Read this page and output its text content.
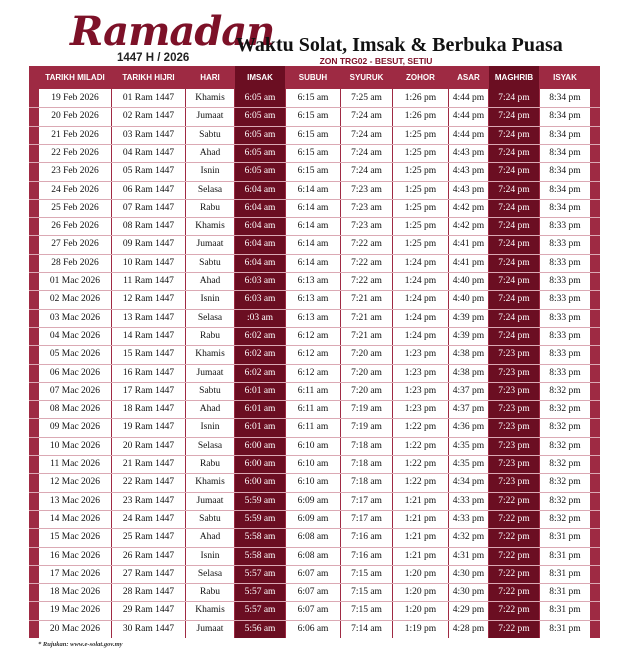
Ramadan
1447 H / 2026
Waktu Solat, Imsak & Berbuka Puasa
ZON TRG02 - BESUT, SETIU
TARIKH MILADI	TARIKH HIJRI	HARI	IMSAK	SUBUH	SYURUK	ZOHOR	ASAR	MAGHRIB	ISYAK
19 Feb 2026	01 Ram 1447	Khamis	6:05 am	6:15 am	7:25 am	1:26 pm	4:44 pm	7:24 pm	8:34 pm
20 Feb 2026	02 Ram 1447	Jumaat	6:05 am	6:15 am	7:24 am	1:26 pm	4:44 pm	7:24 pm	8:34 pm
21 Feb 2026	03 Ram 1447	Sabtu	6:05 am	6:15 am	7:24 am	1:25 pm	4:44 pm	7:24 pm	8:34 pm
22 Feb 2026	04 Ram 1447	Ahad	6:05 am	6:15 am	7:24 am	1:25 pm	4:43 pm	7:24 pm	8:34 pm
23 Feb 2026	05 Ram 1447	Isnin	6:05 am	6:15 am	7:24 am	1:25 pm	4:43 pm	7:24 pm	8:34 pm
24 Feb 2026	06 Ram 1447	Selasa	6:04 am	6:14 am	7:23 am	1:25 pm	4:43 pm	7:24 pm	8:34 pm
25 Feb 2026	07 Ram 1447	Rabu	6:04 am	6:14 am	7:23 am	1:25 pm	4:42 pm	7:24 pm	8:34 pm
26 Feb 2026	08 Ram 1447	Khamis	6:04 am	6:14 am	7:23 am	1:25 pm	4:42 pm	7:24 pm	8:33 pm
27 Feb 2026	09 Ram 1447	Jumaat	6:04 am	6:14 am	7:22 am	1:25 pm	4:41 pm	7:24 pm	8:33 pm
28 Feb 2026	10 Ram 1447	Sabtu	6:04 am	6:14 am	7:22 am	1:24 pm	4:41 pm	7:24 pm	8:33 pm
01 Mac 2026	11 Ram 1447	Ahad	6:03 am	6:13 am	7:22 am	1:24 pm	4:40 pm	7:24 pm	8:33 pm
02 Mac 2026	12 Ram 1447	Isnin	6:03 am	6:13 am	7:21 am	1:24 pm	4:40 pm	7:24 pm	8:33 pm
03 Mac 2026	13 Ram 1447	Selasa	:03 am	6:13 am	7:21 am	1:24 pm	4:39 pm	7:24 pm	8:33 pm
04 Mac 2026	14 Ram 1447	Rabu	6:02 am	6:12 am	7:21 am	1:24 pm	4:39 pm	7:24 pm	8:33 pm
05 Mac 2026	15 Ram 1447	Khamis	6:02 am	6:12 am	7:20 am	1:23 pm	4:38 pm	7:23 pm	8:33 pm
06 Mac 2026	16 Ram 1447	Jumaat	6:02 am	6:12 am	7:20 am	1:23 pm	4:38 pm	7:23 pm	8:33 pm
07 Mac 2026	17 Ram 1447	Sabtu	6:01 am	6:11 am	7:20 am	1:23 pm	4:37 pm	7:23 pm	8:32 pm
08 Mac 2026	18 Ram 1447	Ahad	6:01 am	6:11 am	7:19 am	1:23 pm	4:37 pm	7:23 pm	8:32 pm
09 Mac 2026	19 Ram 1447	Isnin	6:01 am	6:11 am	7:19 am	1:22 pm	4:36 pm	7:23 pm	8:32 pm
10 Mac 2026	20 Ram 1447	Selasa	6:00 am	6:10 am	7:18 am	1:22 pm	4:35 pm	7:23 pm	8:32 pm
11 Mac 2026	21 Ram 1447	Rabu	6:00 am	6:10 am	7:18 am	1:22 pm	4:35 pm	7:23 pm	8:32 pm
12 Mac 2026	22 Ram 1447	Khamis	6:00 am	6:10 am	7:18 am	1:22 pm	4:34 pm	7:23 pm	8:32 pm
13 Mac 2026	23 Ram 1447	Jumaat	5:59 am	6:09 am	7:17 am	1:21 pm	4:33 pm	7:22 pm	8:32 pm
14 Mac 2026	24 Ram 1447	Sabtu	5:59 am	6:09 am	7:17 am	1:21 pm	4:33 pm	7:22 pm	8:32 pm
15 Mac 2026	25 Ram 1447	Ahad	5:58 am	6:08 am	7:16 am	1:21 pm	4:32 pm	7:22 pm	8:31 pm
16 Mac 2026	26 Ram 1447	Isnin	5:58 am	6:08 am	7:16 am	1:21 pm	4:31 pm	7:22 pm	8:31 pm
17 Mac 2026	27 Ram 1447	Selasa	5:57 am	6:07 am	7:15 am	1:20 pm	4:30 pm	7:22 pm	8:31 pm
18 Mac 2026	28 Ram 1447	Rabu	5:57 am	6:07 am	7:15 am	1:20 pm	4:30 pm	7:22 pm	8:31 pm
19 Mac 2026	29 Ram 1447	Khamis	5:57 am	6:07 am	7:15 am	1:20 pm	4:29 pm	7:22 pm	8:31 pm
20 Mac 2026	30 Ram 1447	Jumaat	5:56 am	6:06 am	7:14 am	1:19 pm	4:28 pm	7:22 pm	8:31 pm
* Rujukan: www.e-solat.gov.my
